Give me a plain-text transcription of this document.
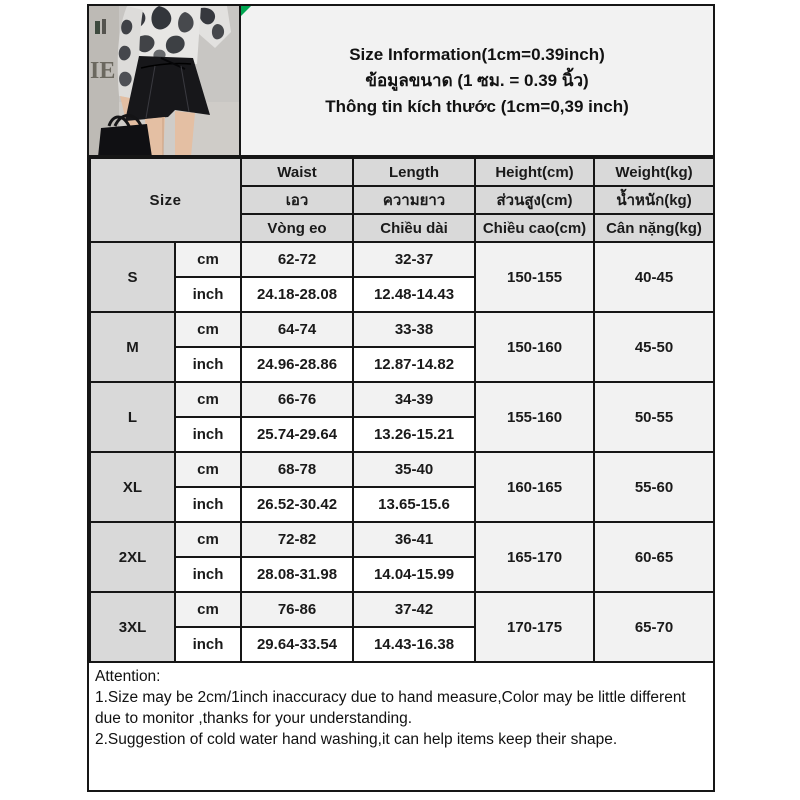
IE
Size Information(1cm=0.39inch)
ข้อมูลขนาด (1 ซม. = 0.39 นิ้ว)
Thông tin kích thước (1cm=0,39 inch)
Size		Waist	Length	Height(cm)	Weight(kg)
		เอว	ความยาว	ส่วนสูง(cm)	น้ำหนัก(kg)
		Vòng eo	Chiều dài	Chiều cao(cm)	Cân nặng(kg)
S	cm	62-72	32-37	150-155	40-45
	inch	24.18-28.08	12.48-14.43		
M	cm	64-74	33-38	150-160	45-50
	inch	24.96-28.86	12.87-14.82		
L	cm	66-76	34-39	155-160	50-55
	inch	25.74-29.64	13.26-15.21		
XL	cm	68-78	35-40	160-165	55-60
	inch	26.52-30.42	13.65-15.6		
2XL	cm	72-82	36-41	165-170	60-65
	inch	28.08-31.98	14.04-15.99		
3XL	cm	76-86	37-42	170-175	65-70
	inch	29.64-33.54	14.43-16.38		
Attention:
1.Size may be 2cm/1inch inaccuracy due to hand measure,Color may be little different due to monitor ,thanks for your understanding.
2.Suggestion of cold water hand washing,it can help items keep their shape.
